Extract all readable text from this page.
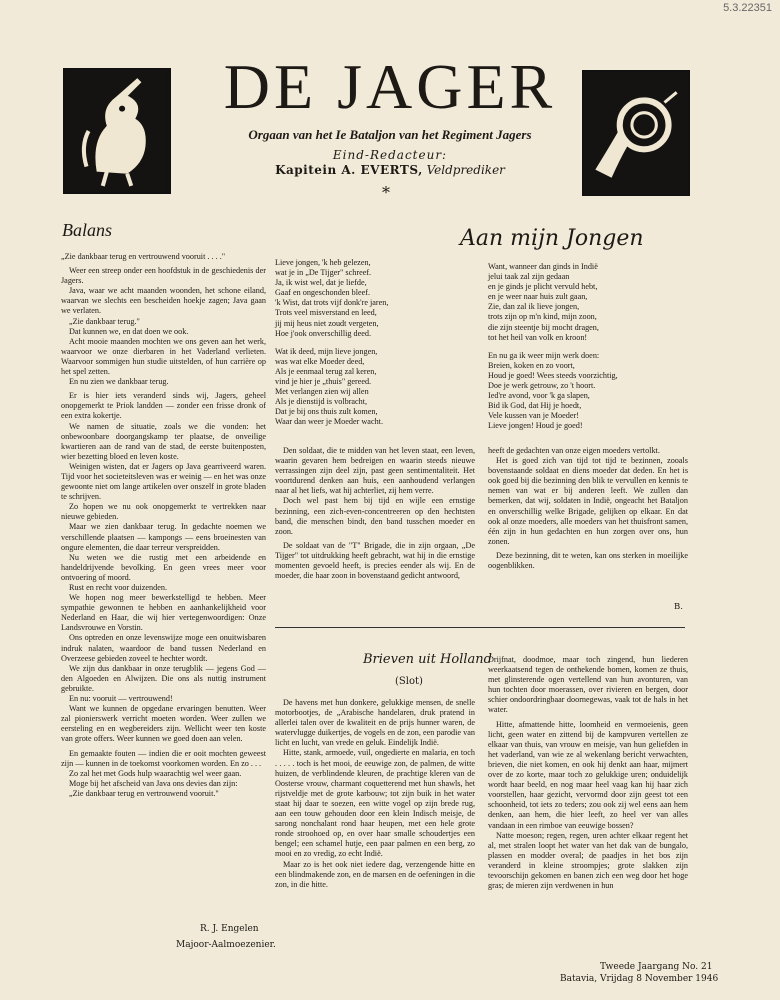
5.3.22351
DE JAGER
Orgaan van het Ie Bataljon van het Regiment Jagers
Eind-Redacteur:
Kapitein A. EVERTS, Veldprediker
*
Balans

„Zie dankbaar terug en vertrouwend vooruit . . . ."

Weer een streep onder een hoofdstuk in de geschiedenis der Jagers.

Java, waar we acht maanden woonden, het schone eiland, waarvan we slechts een bescheiden hoekje zagen; Java gaan we verlaten.

„Zie dankbaar terug."

Dat kunnen we, en dat doen we ook.

Acht mooie maanden mochten we ons geven aan het werk, waarvoor we onze dierbaren in het Vaderland verlieten. Waarvoor sommigen hun studie uitstelden, of hun carrière op het spel zetten.

En nu zien we dankbaar terug.

Er is hier iets veranderd sinds wij, Jagers, geheel onopgemerkt te Priok landden — zonder een frisse dronk of een extra kokertje.

We namen de situatie, zoals we die vonden: het onbewoonbare doorgangskamp ter plaatse, de onveilige kwartieren aan de rand van de stad, de eerste buitenposten, wier bezetting bloed en leven koste.

Weinigen wisten, dat er Jagers op Java gearriveerd waren. Tijd voor het societeitsleven was er weinig — en het was onze gewoonte niet om lange artikelen over onszelf in grote bladen te schrijven.

Zo hopen we nu ook onopgemerkt te vertrekken naar nieuwe gebieden.

Maar we zien dankbaar terug. In gedachte noemen we verschillende plaatsen — kampongs — eens broeinesten van ongure elementen, die daar terreur verspreidden.

Nu weten we die rustig met een arbeidende en handeldrijvende bevolking. En geen vrees meer voor ontvoering of moord.

Rust en recht voor duizenden.

We hopen nog meer bewerkstelligd te hebben. Meer sympathie gewonnen te hebben en aanhankelijkheid voor Nederland en Haar, die wij hier vertegenwoordigen: Onze Landsvrouwe en Vorstin.

Ons optreden en onze levenswijze moge een onuitwisbaren indruk nalaten, waardoor de band tussen Nederland en Overzeese gebieden zoveel te hechter wordt.

We zijn dus dankbaar in onze terugblik — jegens God — den Algoeden en Alwijzen. Die ons als nuttig instrument gebruikte.

En nu: vooruit — vertrouwend!

Want we kunnen de opgedane ervaringen benutten. Weer zal pionierswerk verricht moeten worden. Weer zullen we eersteling en en wegbereiders zijn. Wellicht weer ten koste van grote offers. Weer kunnen we goed doen aan velen.

En gemaakte fouten — indien die er ooit mochten geweest zijn — kunnen in de toekomst voorkomen worden. En zo . . .

Zo zal het met Gods hulp waarachtig wel weer gaan.

Moge bij het afscheid van Java ons devies dan zijn:

„Zie dankbaar terug en vertrouwend vooruit."

R. J. Engelen
Majoor-Aalmoezenier.
Aan mijn Jongen

Lieve jongen, 'k heb gelezen,

wat je in „De Tijger" schreef.

Ja, ik wist wel, dat je liefde,

Gaaf en ongeschonden bleef.

'k Wist, dat trots vijf donk're jaren,

Trots veel misverstand en leed,

jij mij heus niet zoudt vergeten,

Hoe j'ook onverschillig deed.

Wat ik deed, mijn lieve jongen,

was wat elke Moeder deed,

Als je eenmaal terug zal keren,

vind je hier je „thuis" gereed.

Met verlangen zien wij allen

Als je dienstijd is volbracht,

Dat je bij ons thuis zult komen,

Waar dan weer je Moeder wacht.

Want, wanneer dan ginds in Indië

jelui taak zal zijn gedaan

en je ginds je plicht vervuld hebt,

en je weer naar huis zult gaan,

Zie, dan zal ik lieve jongen,

trots zijn op m'n kind, mijn zoon,

die zijn steentje bij mocht dragen,

tot het heil van volk en kroon!

En nu ga ik weer mijn werk doen:

Breien, koken en zo voort,

Houd je goed! Wees steeds voorzichtig,

Doe je werk getrouw, zo 't hoort.

Ied're avond, voor 'k ga slapen,

Bid ik God, dat Hij je hoedt,

Vele kussen van je Moeder!

Lieve jongen! Houd je goed!

Den soldaat, die te midden van het leven staat, een leven, waarin gevaren hem bedreigen en waarin steeds nieuwe verrassingen zijn deel zijn, past geen sentimentaliteit. Het voortdurend denken aan huis, een aanhoudend verlangen naar al het liefs, wat hij achterliet, zij hem verre.

Doch wel past hem bij tijd en wijle een ernstige bezinning, een zich-even-concentreeren op den hechtsten band, die menschen bindt, den band tusschen moeder en zoon.

De soldaat van de "T" Brigade, die in zijn orgaan, „De Tijger" tot uitdrukking heeft gebracht, wat hij in die ernstige momenten gevoeld heeft, is precies eender als wij. En de moeder, die haar zoon in bovenstaand gedicht antwoord,

heeft de gedachten van onze eigen moeders vertolkt.

Het is goed zich van tijd tot tijd te bezinnen, zooals bovenstaande soldaat en diens moeder dat deden. En het is ook goed bij die bezinning den blik te vervullen en kennis te nemen van wat er bij anderen leeft. We zullen dan bemerken, dat wij, soldaten in Indië, ongeacht het Bataljon en onverschillig welke Brigade, gelijken op elkaar. En dat ook al onze moeders, alle moeders van het thuisfront samen, één zijn in hun gedachten en hun zorgen over ons, hun zonen.

Deze bezinning, dit te weten, kan ons sterken in moeilijke oogenblikken.

B.
Brieven uit Holland
(Slot)

De havens met hun donkere, gelukkige mensen, de snelle motorbootjes, de „Arabische handelaren, druk pratend in allerlei talen over de kwaliteit en de prijs hunner waren, de watervlugge duikertjes, de vogels en de zon, een parodie van licht en lucht, van vrede en geluk. Eindelijk Indië.

Hitte, stank, armoede, vuil, ongedierte en malaria, en toch . . . . . toch is het mooi, de eeuwige zon, de palmen, de witte huizen, de verblindende kleuren, de prachtige kleren van de Oosterse vrouw, charmant coquetterend met hun shawls, het rijstveldje met de grote karbouw; tot zijn buik in het water staat hij daar te soezen, een witte vogel op zijn brede rug, aan een touw gehouden door een klein Indisch meisje, de sarong nonchalant rond haar heupen, met een hele grote ronde stroohoed op, en over haar smalle schoudertjes een bengel; een schamel hutje, een paar palmen en een berg, zo mooi en zo vredig, zo echt Indië.

Maar zo is het ook niet iedere dag, verzengende hitte en een blindmakende zon, en de marsen en de oefeningen in die zon, in die hitte.

Drijfnat, doodmoe, maar toch zingend, hun liederen weerkaatsend tegen de onthekende bomen, komen ze thuis, met glinsterende ogen vertellend van hun avonturen, van hun tochten door moerassen, over rivieren en bergen, door schier ondoordringbaar doornegewas, vaak tot de hals in het water.

Hitte, afmattende hitte, loomheid en vermoeienis, geen licht, geen water en zittend bij de kampvuren vertellen ze elkaar van thuis, van vrouw en meisje, van hun geliefden in het vaderland, van wie ze al wekenlang bericht verwachten, brieven, die niet komen, en ook hij denkt aan haar, mijmert over de zo korte, maar toch zo gelukkige uren; onduidelijk wordt haar beeld, en nog maar heel vaag kan hij haar zich voorstellen, haar gezicht, vervormd door zijn geest tot een schoonheid, tot iets zo teders; zou ook zij wel eens aan hem denken, aan hem, die hier leeft, zo heel ver van alles vandaan in een rimboe van eeuwige bossen?

Natte moeson; regen, regen, uren achter elkaar regent het al, met stralen loopt het water van het dak van de bungalo, plassen en modder overal; de paadjes in het bos zijn veranderd in kleine stroompjes; grote slakken zijn tevoorschijn gekomen en banen zich een weg door het hoge gras; de mieren zijn verdwenen in hun

Tweede Jaargang No. 21
Batavia, Vrijdag 8 November 1946
